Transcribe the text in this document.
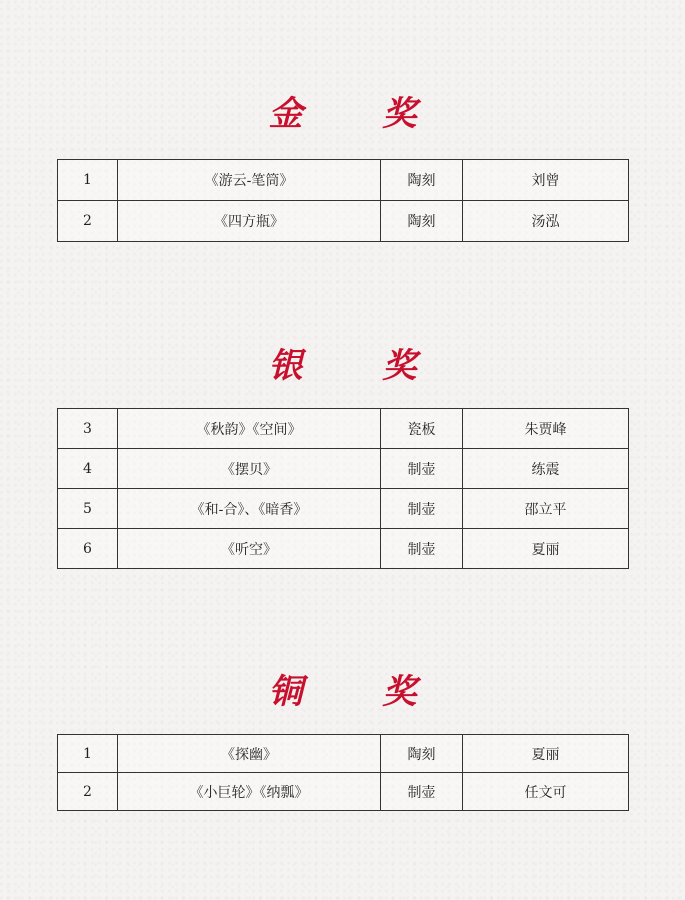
金 奖
1	《游云-笔筒》	陶刻	刘曾
2	《四方瓶》	陶刻	汤泓
银 奖
3	《秋韵》《空间》	瓷板	朱贾峰
4	《摆贝》	制壶	练震
5	《和-合》、《暗香》	制壶	邵立平
6	《听空》	制壶	夏丽
铜 奖
1	《探幽》	陶刻	夏丽
2	《小巨轮》《纳瓢》	制壶	任文可
